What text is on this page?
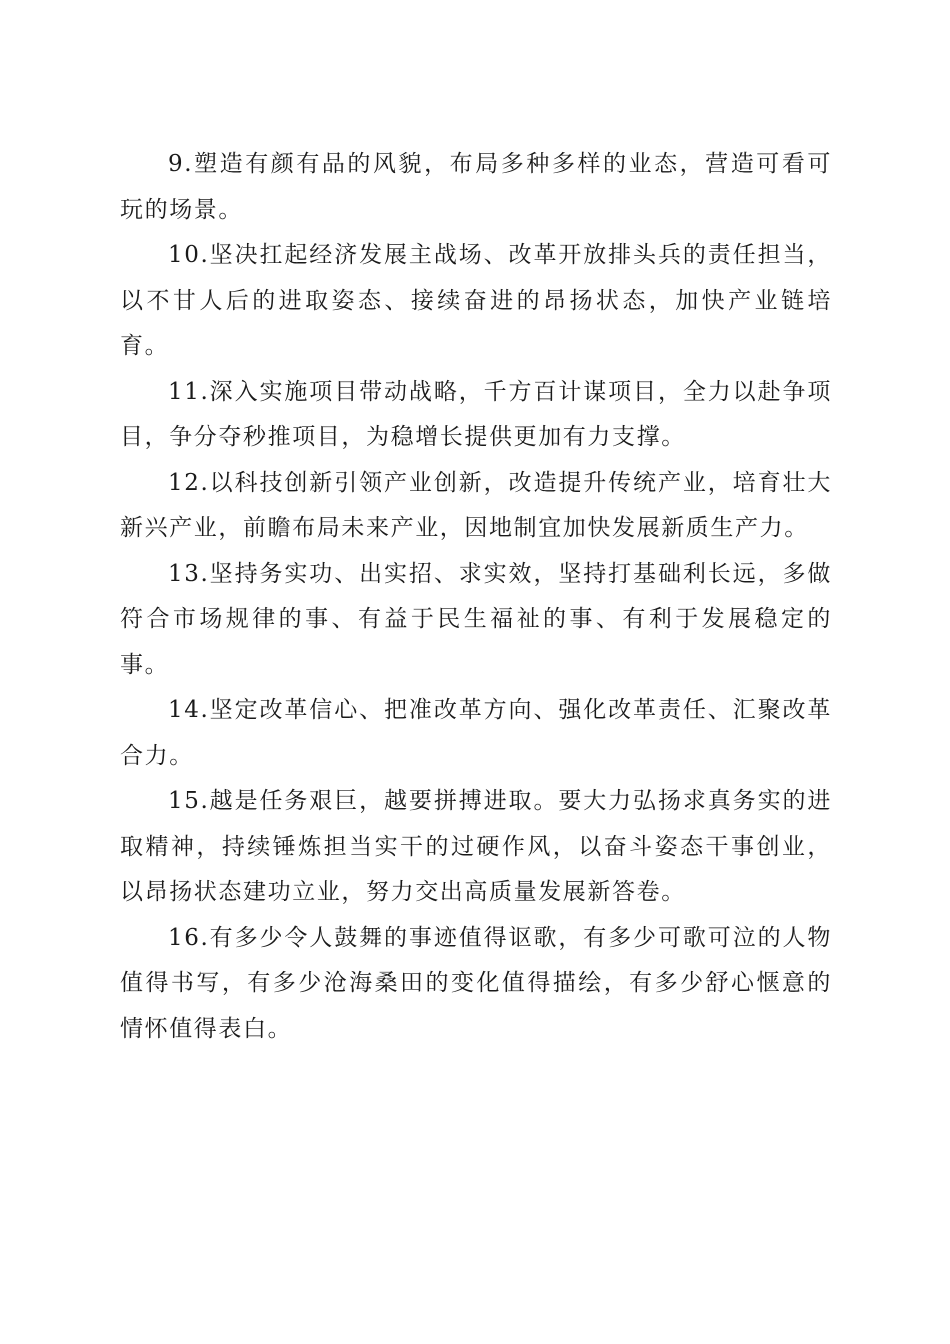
9.塑造有颜有品的风貌，布局多种多样的业态，营造可看可玩的场景。

10.坚决扛起经济发展主战场、改革开放排头兵的责任担当，以不甘人后的进取姿态、接续奋进的昂扬状态，加快产业链培育。

11.深入实施项目带动战略，千方百计谋项目，全力以赴争项目，争分夺秒推项目，为稳增长提供更加有力支撑。

12.以科技创新引领产业创新，改造提升传统产业，培育壮大新兴产业，前瞻布局未来产业，因地制宜加快发展新质生产力。

13.坚持务实功、出实招、求实效，坚持打基础利长远，多做符合市场规律的事、有益于民生福祉的事、有利于发展稳定的事。

14.坚定改革信心、把准改革方向、强化改革责任、汇聚改革合力。

15.越是任务艰巨，越要拼搏进取。要大力弘扬求真务实的进取精神，持续锤炼担当实干的过硬作风，以奋斗姿态干事创业，以昂扬状态建功立业，努力交出高质量发展新答卷。

16.有多少令人鼓舞的事迹值得讴歌，有多少可歌可泣的人物值得书写，有多少沧海桑田的变化值得描绘，有多少舒心惬意的情怀值得表白。
